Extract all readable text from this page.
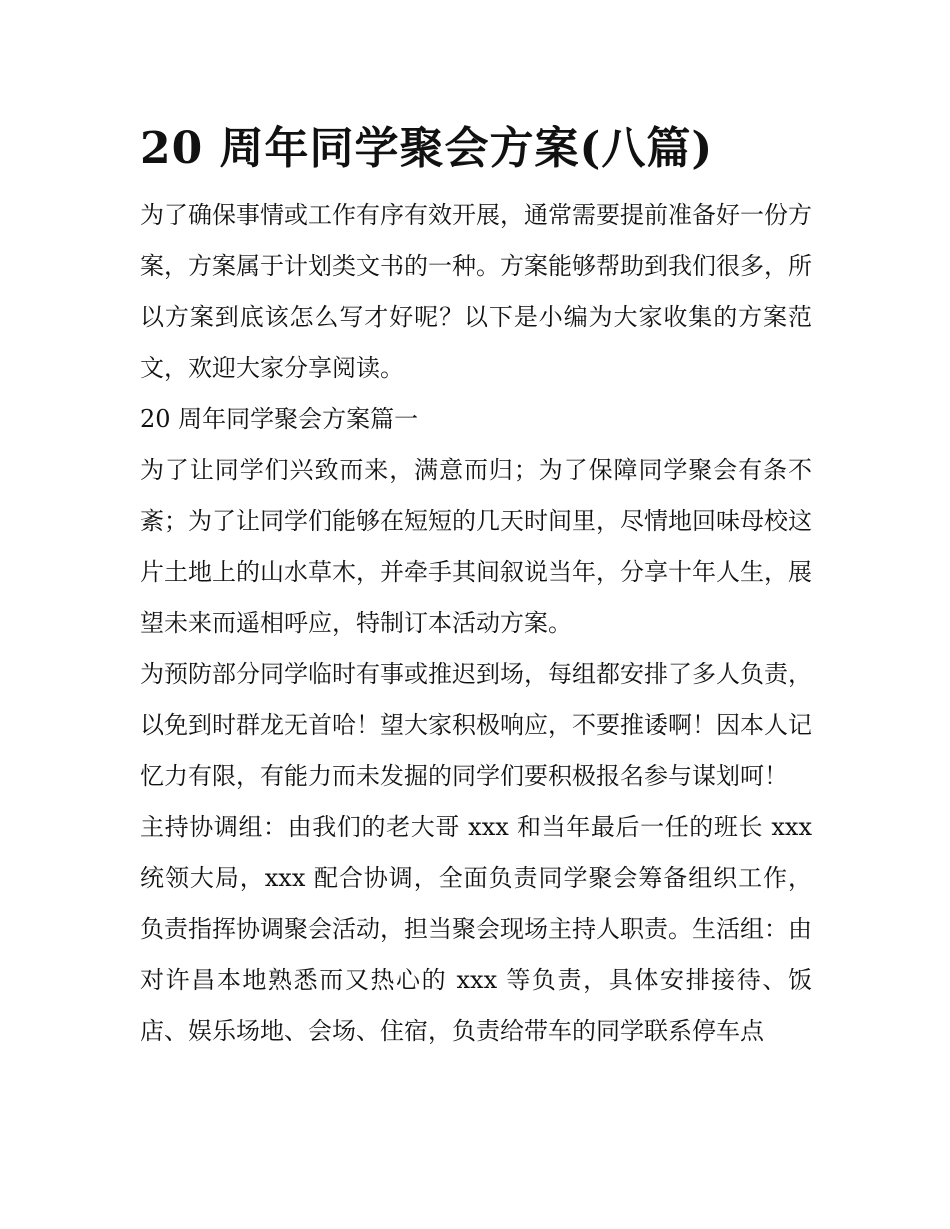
20 周年同学聚会方案(八篇)

为了确保事情或工作有序有效开展，通常需要提前准备好一份方案，方案属于计划类文书的一种。方案能够帮助到我们很多，所以方案到底该怎么写才好呢？以下是小编为大家收集的方案范文，欢迎大家分享阅读。

20 周年同学聚会方案篇一

为了让同学们兴致而来，满意而归；为了保障同学聚会有条不紊；为了让同学们能够在短短的几天时间里，尽情地回味母校这片土地上的山水草木，并牵手其间叙说当年，分享十年人生，展望未来而遥相呼应，特制订本活动方案。

为预防部分同学临时有事或推迟到场，每组都安排了多人负责，以免到时群龙无首哈！望大家积极响应，不要推诿啊！因本人记忆力有限，有能力而未发掘的同学们要积极报名参与谋划呵！

主持协调组：由我们的老大哥 xxx 和当年最后一任的班长 xxx 统领大局，xxx 配合协调，全面负责同学聚会筹备组织工作，负责指挥协调聚会活动，担当聚会现场主持人职责。生活组：由对许昌本地熟悉而又热心的 xxx 等负责，具体安排接待、饭店、娱乐场地、会场、住宿，负责给带车的同学联系停车点
